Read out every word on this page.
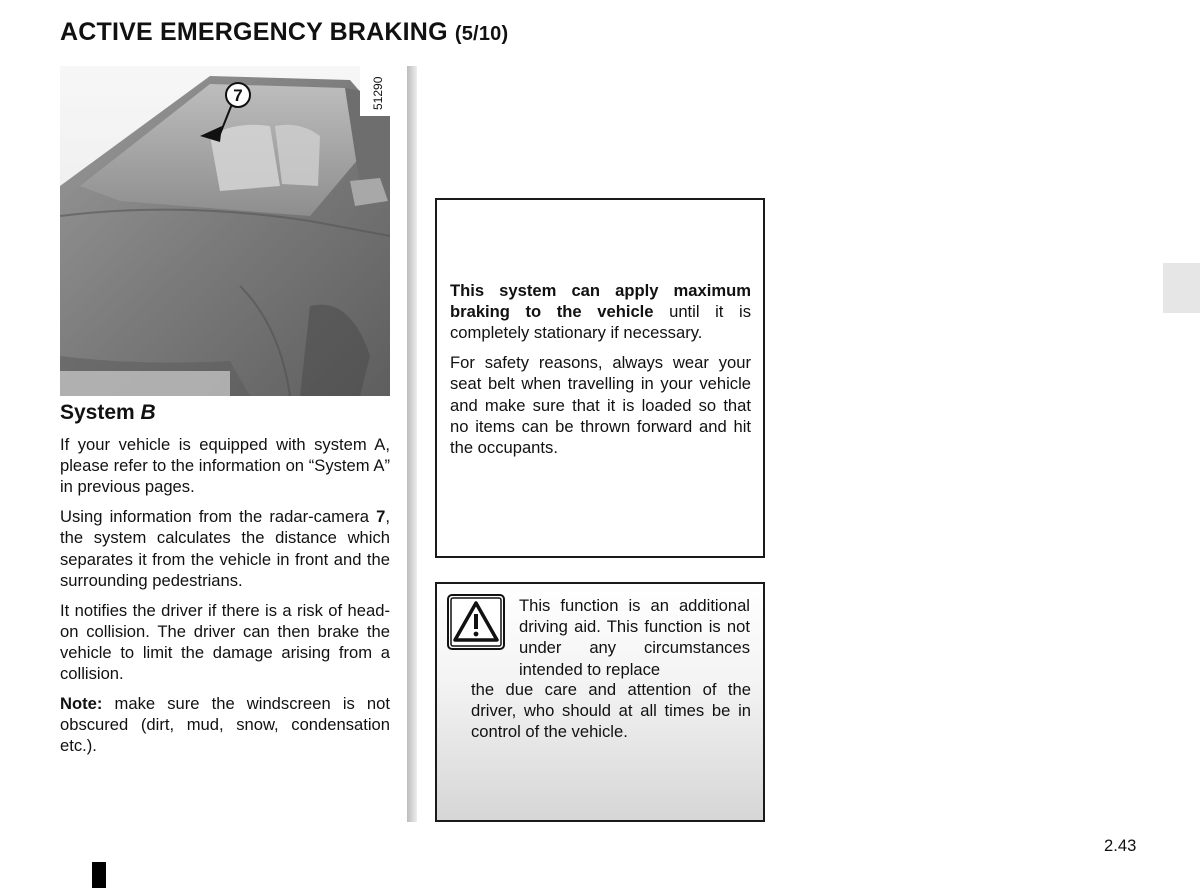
ACTIVE EMERGENCY BRAKING (5/10)
7	51290
System B

If your vehicle is equipped with system A, please refer to the information on “System A” in previous pages.

Using information from the radar-camera 7, the system calculates the distance which separates it from the vehicle in front and the surrounding pedestrians.

It notifies the driver if there is a risk of head-on collision. The driver can then brake the vehicle to limit the damage arising from a collision.

Note: make sure the windscreen is not obscured (dirt, mud, snow, condensation etc.).

This system can apply maximum braking to the vehicle until it is completely stationary if necessary.

For safety reasons, always wear your seat belt when travelling in your vehicle and make sure that it is loaded so that no items can be thrown forward and hit the occupants.

This function is an additional driving aid. This function is not under any circumstances intended to replace
the due care and attention of the driver, who should at all times be in control of the vehicle.
2.43
